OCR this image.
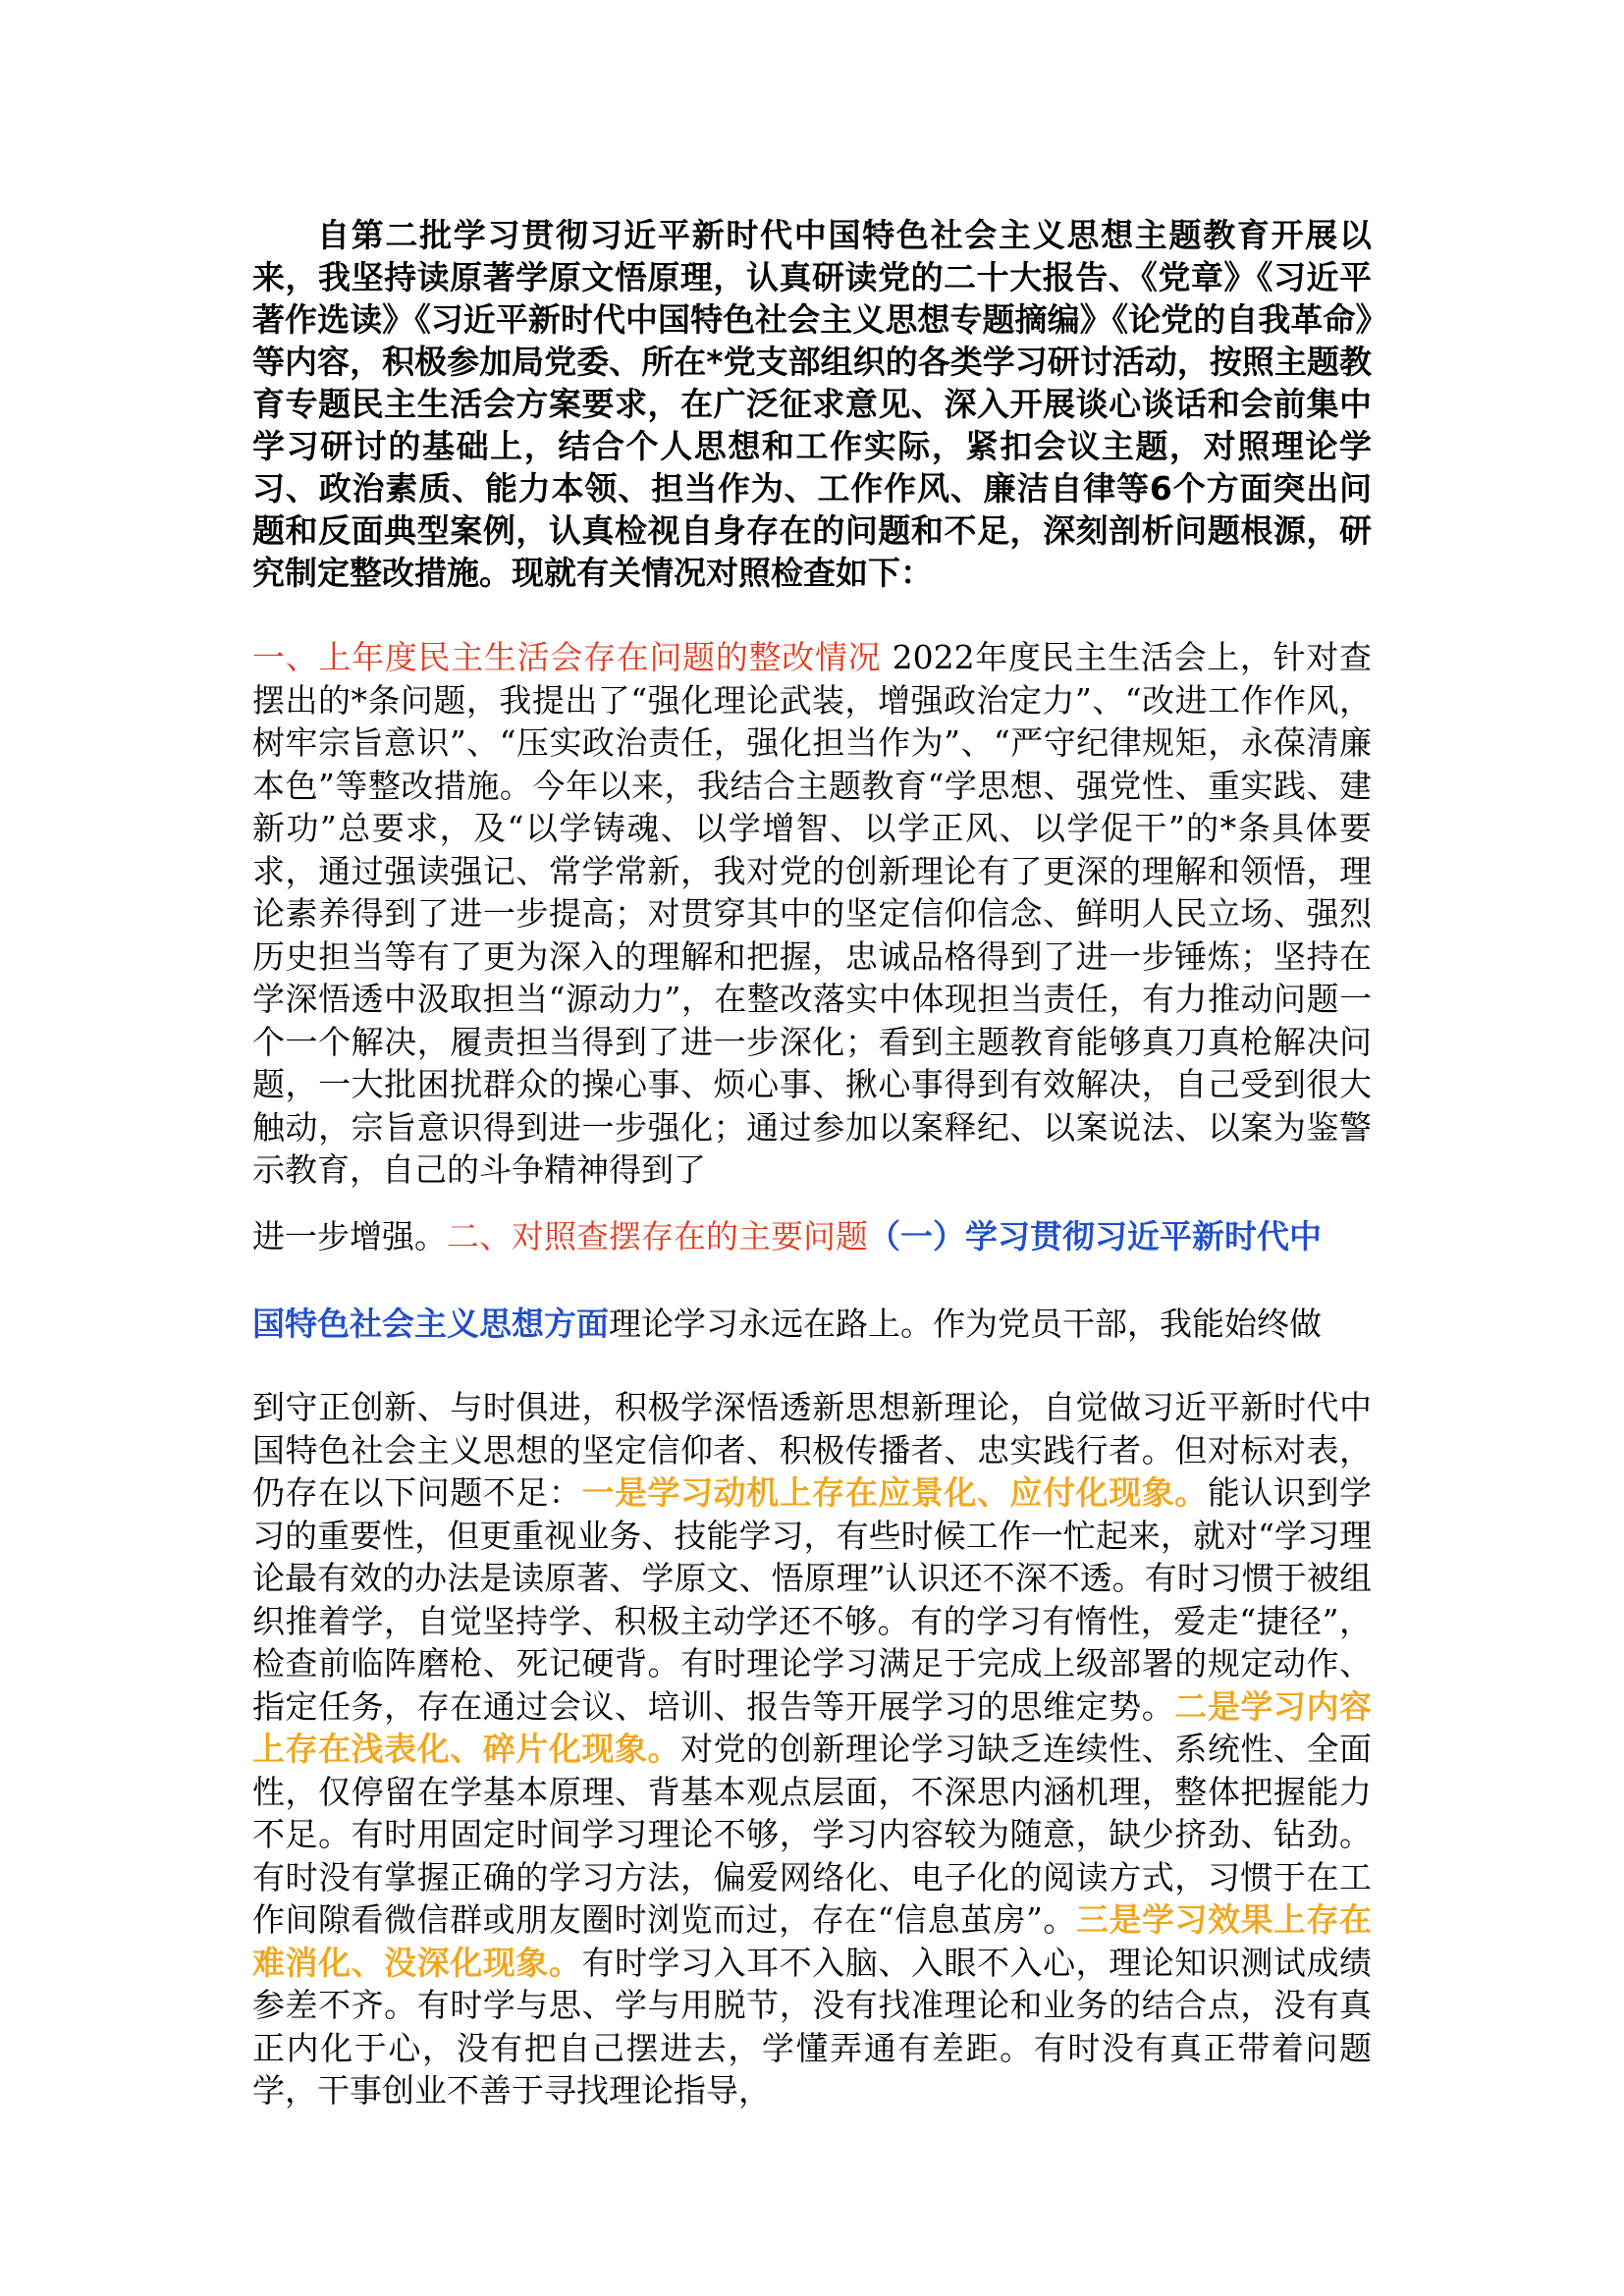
自第二批学习贯彻习近平新时代中国特色社会主义思想主题教育开展以来，我坚持读原著学原文悟原理，认真研读党的二十大报告、《党章》《习近平著作选读》《习近平新时代中国特色社会主义思想专题摘编》《论党的自我革命》等内容，积极参加局党委、所在*党支部组织的各类学习研讨活动，按照主题教育专题民主生活会方案要求，在广泛征求意见、深入开展谈心谈话和会前集中学习研讨的基础上，结合个人思想和工作实际，紧扣会议主题，对照理论学习、政治素质、能力本领、担当作为、工作作风、廉洁自律等6个方面突出问题和反面典型案例，认真检视自身存在的问题和不足，深刻剖析问题根源，研究制定整改措施。现就有关情况对照检查如下：

一、上年度民主生活会存在问题的整改情况 2022年度民主生活会上，针对查摆出的*条问题，我提出了“强化理论武装，增强政治定力”、“改进工作作风，树牢宗旨意识”、“压实政治责任，强化担当作为”、“严守纪律规矩，永葆清廉本色”等整改措施。今年以来，我结合主题教育“学思想、强党性、重实践、建新功”总要求，及“以学铸魂、以学增智、以学正风、以学促干”的*条具体要求，通过强读强记、常学常新，我对党的创新理论有了更深的理解和领悟，理论素养得到了进一步提高；对贯穿其中的坚定信仰信念、鲜明人民立场、强烈历史担当等有了更为深入的理解和把握，忠诚品格得到了进一步锤炼；坚持在学深悟透中汲取担当“源动力”，在整改落实中体现担当责任，有力推动问题一个一个解决，履责担当得到了进一步深化；看到主题教育能够真刀真枪解决问题，一大批困扰群众的操心事、烦心事、揪心事得到有效解决，自己受到很大触动，宗旨意识得到进一步强化；通过参加以案释纪、以案说法、以案为鉴警示教育，自己的斗争精神得到了

进一步增强。二、对照查摆存在的主要问题（一）学习贯彻习近平新时代中

国特色社会主义思想方面理论学习永远在路上。作为党员干部，我能始终做

到守正创新、与时俱进，积极学深悟透新思想新理论，自觉做习近平新时代中国特色社会主义思想的坚定信仰者、积极传播者、忠实践行者。但对标对表，仍存在以下问题不足：一是学习动机上存在应景化、应付化现象。能认识到学习的重要性，但更重视业务、技能学习，有些时候工作一忙起来，就对“学习理论最有效的办法是读原著、学原文、悟原理”认识还不深不透。有时习惯于被组织推着学，自觉坚持学、积极主动学还不够。有的学习有惰性，爱走“捷径”，检查前临阵磨枪、死记硬背。有时理论学习满足于完成上级部署的规定动作、指定任务，存在通过会议、培训、报告等开展学习的思维定势。二是学习内容上存在浅表化、碎片化现象。对党的创新理论学习缺乏连续性、系统性、全面性，仅停留在学基本原理、背基本观点层面，不深思内涵机理，整体把握能力不足。有时用固定时间学习理论不够，学习内容较为随意，缺少挤劲、钻劲。有时没有掌握正确的学习方法，偏爱网络化、电子化的阅读方式，习惯于在工作间隙看微信群或朋友圈时浏览而过，存在“信息茧房”。三是学习效果上存在难消化、没深化现象。有时学习入耳不入脑、入眼不入心，理论知识测试成绩参差不齐。有时学与思、学与用脱节，没有找准理论和业务的结合点，没有真正内化于心，没有把自己摆进去，学懂弄通有差距。有时没有真正带着问题学，干事创业不善于寻找理论指导，
